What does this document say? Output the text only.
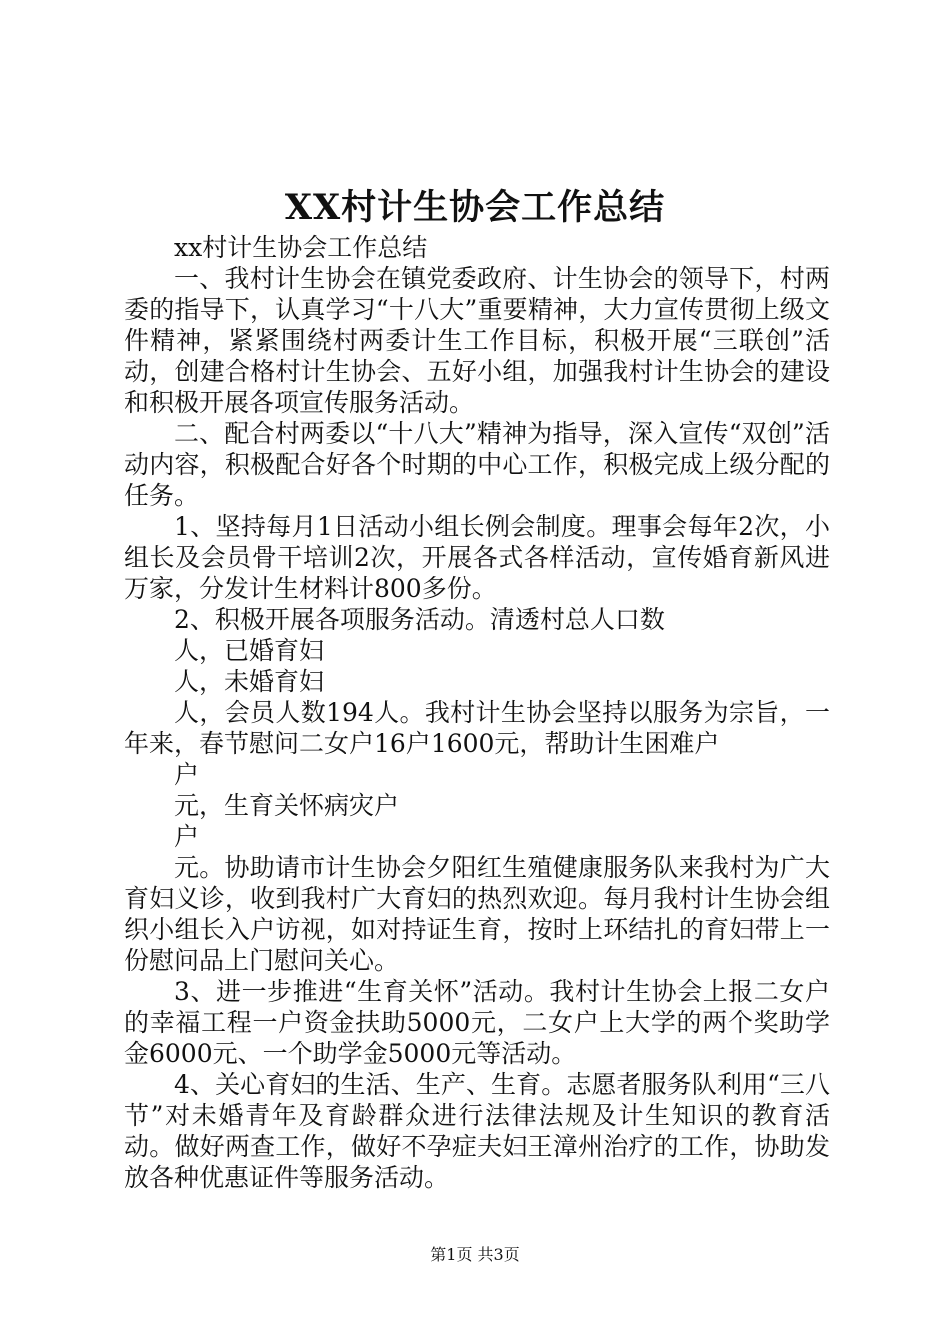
XX村计生协会工作总结

xx村计生协会工作总结

一、我村计生协会在镇党委政府、计生协会的领导下，村两委的指导下，认真学习“十八大”重要精神，大力宣传贯彻上级文件精神，紧紧围绕村两委计生工作目标，积极开展“三联创”活动，创建合格村计生协会、五好小组，加强我村计生协会的建设和积极开展各项宣传服务活动。

二、配合村两委以“十八大”精神为指导，深入宣传“双创”活动内容，积极配合好各个时期的中心工作，积极完成上级分配的任务。

1、坚持每月1日活动小组长例会制度。理事会每年2次，小组长及会员骨干培训2次，开展各式各样活动，宣传婚育新风进万家，分发计生材料计800多份。

2、积极开展各项服务活动。清透村总人口数

人，已婚育妇

人，未婚育妇

人，会员人数194人。我村计生协会坚持以服务为宗旨，一年来，春节慰问二女户16户1600元，帮助计生困难户

户

元，生育关怀病灾户

户

元。协助请市计生协会夕阳红生殖健康服务队来我村为广大育妇义诊，收到我村广大育妇的热烈欢迎。每月我村计生协会组织小组长入户访视，如对持证生育，按时上环结扎的育妇带上一份慰问品上门慰问关心。

3、进一步推进“生育关怀”活动。我村计生协会上报二女户的幸福工程一户资金扶助5000元，二女户上大学的两个奖助学金6000元、一个助学金5000元等活动。

4、关心育妇的生活、生产、生育。志愿者服务队利用“三八节”对未婚青年及育龄群众进行法律法规及计生知识的教育活动。做好两查工作，做好不孕症夫妇王漳州治疗的工作，协助发放各种优惠证件等服务活动。

第1页 共3页
